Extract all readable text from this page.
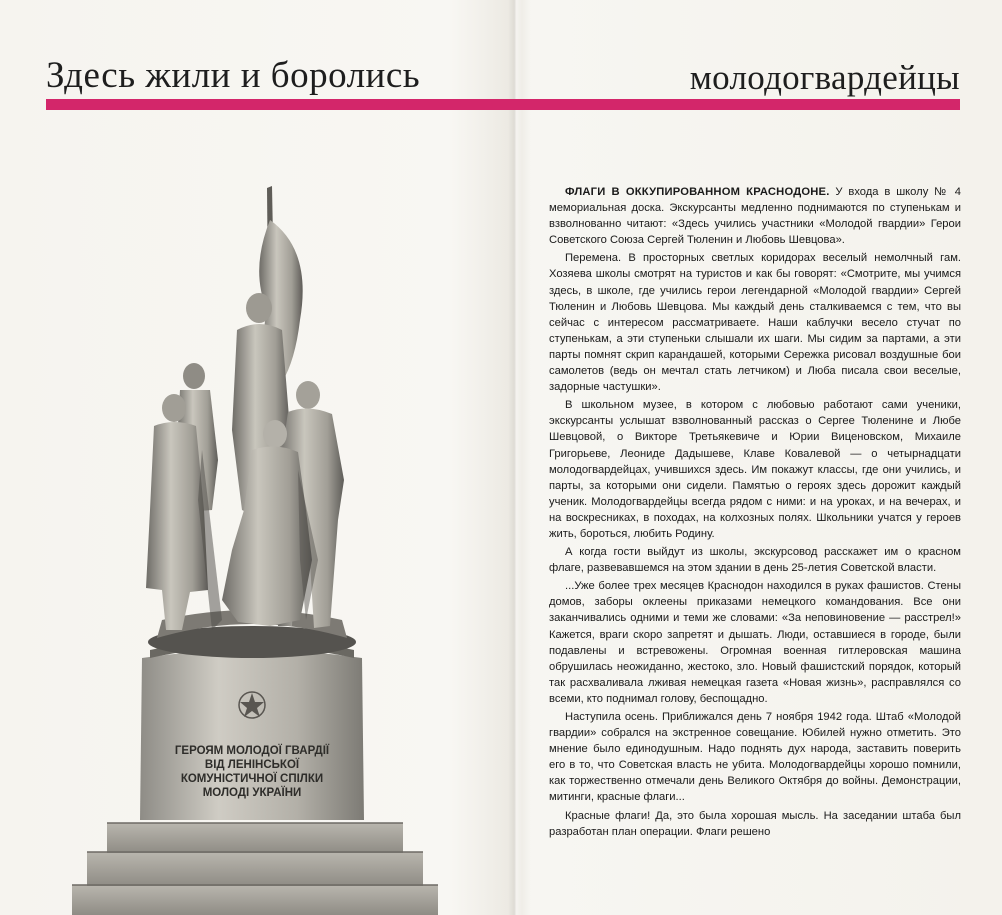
Здесь жили и боролись	молодогвардейцы
ГЕРОЯМ МОЛОДОЇ ГВАРДІЇ
ВІД ЛЕНІНСЬКОЇ
КОМУНІСТИЧНОЇ СПІЛКИ
МОЛОДІ УКРАЇНИ

ФЛАГИ В ОККУПИРОВАННОМ КРАСНОДОНЕ. У входа в школу № 4 мемориальная доска. Экскурсанты медленно поднимаются по ступенькам и взволнованно читают: «Здесь учились участники «Молодой гвардии» Герои Советского Союза Сергей Тюленин и Любовь Шевцова».

Перемена. В просторных светлых коридорах веселый немолчный гам. Хозяева школы смотрят на туристов и как бы говорят: «Смотрите, мы учимся здесь, в школе, где учились герои легендарной «Молодой гвардии» Сергей Тюленин и Любовь Шевцова. Мы каждый день сталкиваемся с тем, что вы сейчас с интересом рассматриваете. Наши каблучки весело стучат по ступенькам, а эти ступеньки слышали их шаги. Мы сидим за партами, а эти парты помнят скрип карандашей, которыми Сережка рисовал воздушные бои самолетов (ведь он мечтал стать летчиком) и Люба писала свои веселые, задорные частушки».

В школьном музее, в котором с любовью работают сами ученики, экскурсанты услышат взволнованный рассказ о Сергее Тюленине и Любе Шевцовой, о Викторе Третьякевиче и Юрии Виценовском, Михаиле Григорьеве, Леониде Дадышеве, Клаве Ковалевой — о четырнадцати молодогвардейцах, учившихся здесь. Им покажут классы, где они учились, и парты, за которыми они сидели. Памятью о героях здесь дорожит каждый ученик. Молодогвардейцы всегда рядом с ними: и на уроках, и на вечерах, и на воскресниках, в походах, на колхозных полях. Школьники учатся у героев жить, бороться, любить Родину.

А когда гости выйдут из школы, экскурсовод расскажет им о красном флаге, развевавшемся на этом здании в день 25-летия Советской власти.

...Уже более трех месяцев Краснодон находился в руках фашистов. Стены домов, заборы оклеены приказами немецкого командования. Все они заканчивались одними и теми же словами: «За неповиновение — расстрел!» Кажется, враги скоро запретят и дышать. Люди, оставшиеся в городе, были подавлены и встревожены. Огромная военная гитлеровская машина обрушилась неожиданно, жестоко, зло. Новый фашистский порядок, который так расхваливала лживая немецкая газета «Новая жизнь», расправлялся со всеми, кто поднимал голову, беспощадно.

Наступила осень. Приближался день 7 ноября 1942 года. Штаб «Молодой гвардии» собрался на экстренное совещание. Юбилей нужно отметить. Это мнение было единодушным. Надо поднять дух народа, заставить поверить его в то, что Советская власть не убита. Молодогвардейцы хорошо помнили, как торжественно отмечали день Великого Октября до войны. Демонстрации, митинги, красные флаги...

Красные флаги! Да, это была хорошая мысль. На заседании штаба был разработан план операции. Флаги решено
